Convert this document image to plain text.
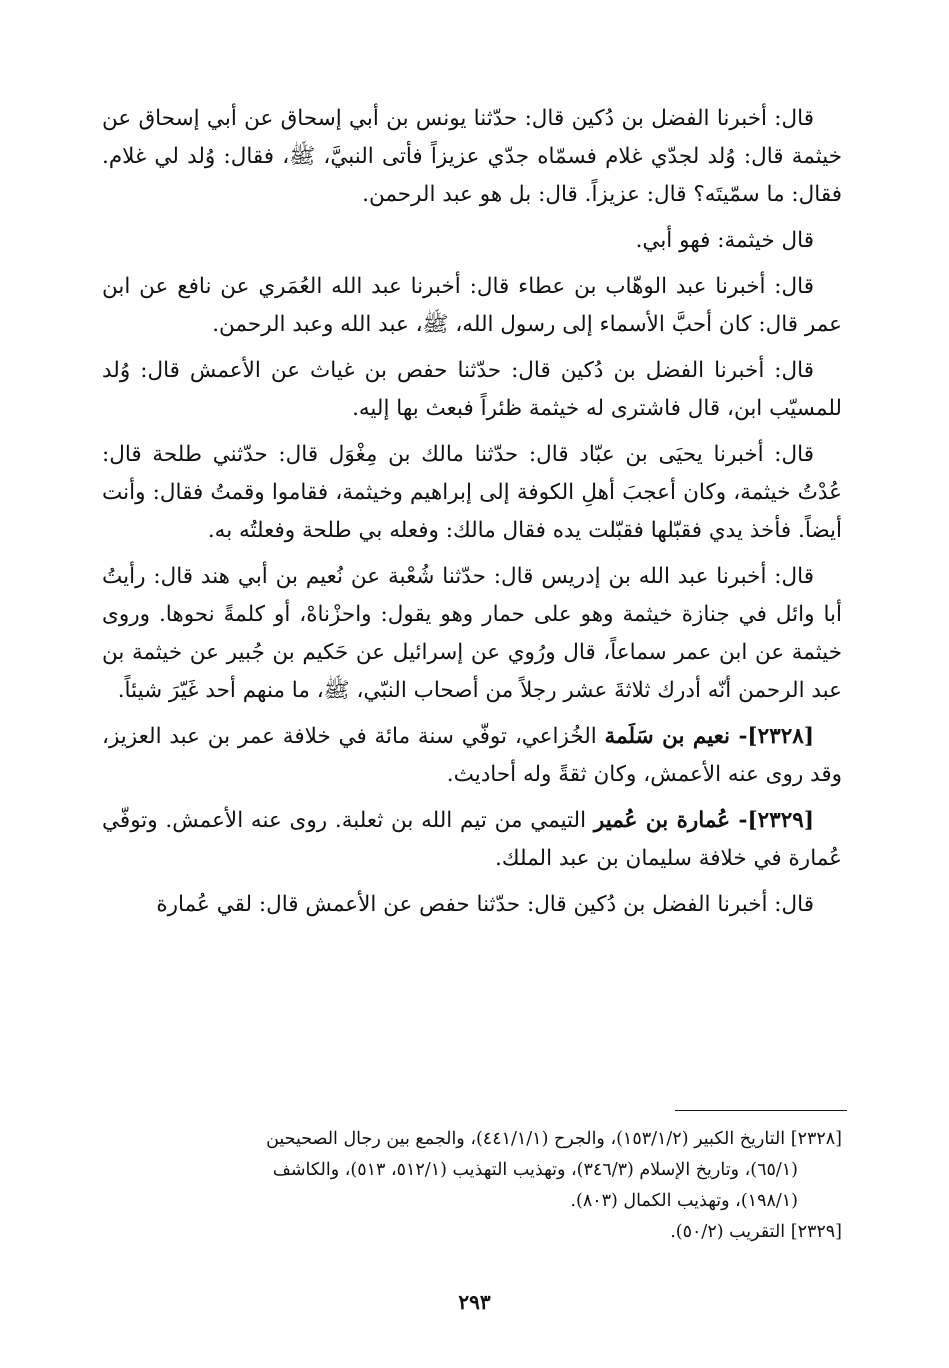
قال: أخبرنا الفضل بن دُكين قال: حدّثنا يونس بن أبي إسحاق عن أبي إسحاق عن خيثمة قال: وُلد لجدّي غلام فسمّاه جدّي عزيزاً فأتى النبيَّ، ﷺ، فقال: وُلد لي غلام. فقال: ما سمّيتَه؟ قال: عزيزاً. قال: بل هو عبد الرحمن.

قال خيثمة: فهو أبي.

قال: أخبرنا عبد الوهّاب بن عطاء قال: أخبرنا عبد الله العُمَري عن نافع عن ابن عمر قال: كان أحبَّ الأسماء إلى رسول الله، ﷺ، عبد الله وعبد الرحمن.

قال: أخبرنا الفضل بن دُكين قال: حدّثنا حفص بن غياث عن الأعمش قال: وُلد للمسيّب ابن، قال فاشترى له خيثمة ظئراً فبعث بها إليه.

قال: أخبرنا يحيَى بن عبّاد قال: حدّثنا مالك بن مِغْوَل قال: حدّثني طلحة قال: عُدْتُ خيثمة، وكان أعجبَ أهلِ الكوفة إلى إبراهيم وخيثمة، فقاموا وقمتُ فقال: وأنت أيضاً. فأخذ يدي فقبّلها فقبّلت يده فقال مالك: وفعله بي طلحة وفعلتُه به.

قال: أخبرنا عبد الله بن إدريس قال: حدّثنا شُعْبة عن نُعيم بن أبي هند قال: رأيتُ أبا وائل في جنازة خيثمة وهو على حمار وهو يقول: واحزْناهْ، أو كلمةً نحوها. وروى خيثمة عن ابن عمر سماعاً، قال ورُوي عن إسرائيل عن حَكيم بن جُبير عن خيثمة بن عبد الرحمن أنّه أدرك ثلاثةَ عشر رجلاً من أصحاب النبّي، ﷺ، ما منهم أحد غَيّرَ شيئاً.

[٢٣٢٨]- نعيم بن سَلَمة الخُزاعي، توفّي سنة مائة في خلافة عمر بن عبد العزيز، وقد روى عنه الأعمش، وكان ثقةً وله أحاديث.

[٢٣٢٩]- عُمارة بن عُمير التيمي من تيم الله بن ثعلبة. روى عنه الأعمش. وتوفّي عُمارة في خلافة سليمان بن عبد الملك.

قال: أخبرنا الفضل بن دُكين قال: حدّثنا حفص عن الأعمش قال: لقي عُمارة

[٢٣٢٨] التاريخ الكبير (١٥٣/١/٢)، والجرح (٤٤١/١/١)، والجمع بين رجال الصحيحين
(٦٥/١)، وتاريخ الإسلام (٣٤٦/٣)، وتهذيب التهذيب (٥١٢/١، ٥١٣)، والكاشف
(١٩٨/١)، وتهذيب الكمال (٨٠٣).

[٢٣٢٩] التقريب (٥٠/٢).

٢٩٣
